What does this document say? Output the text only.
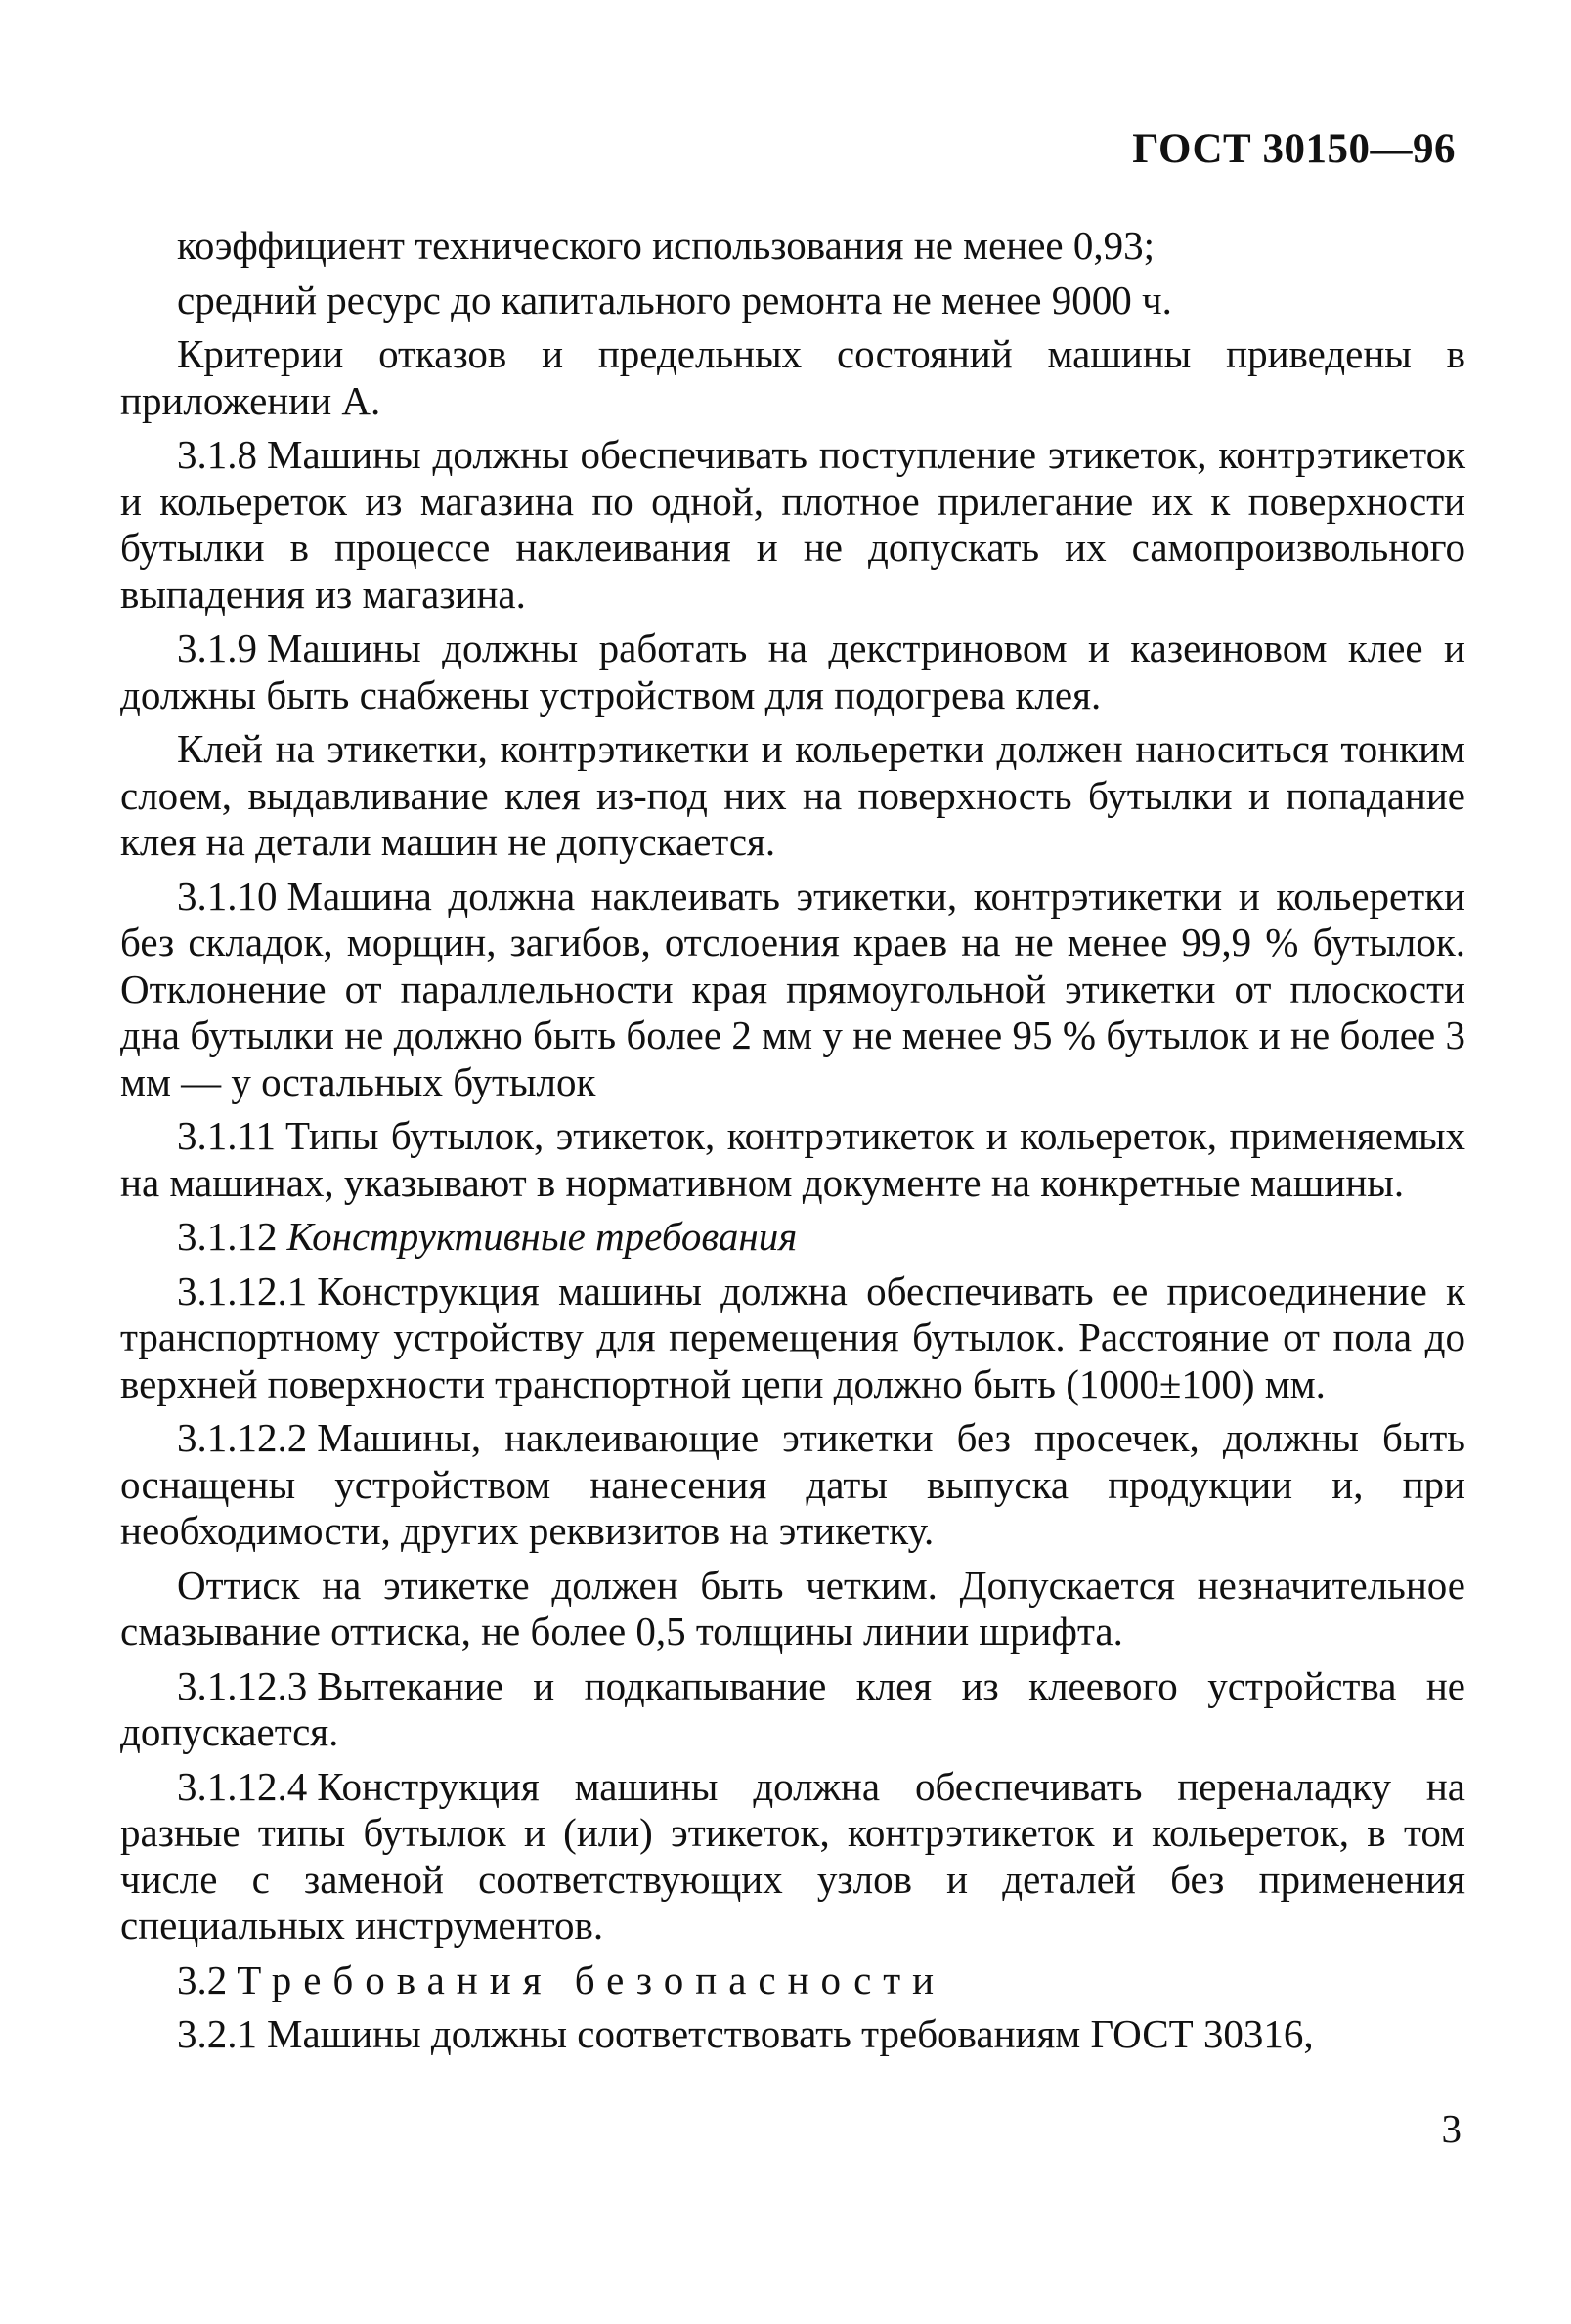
ГОСТ 30150—96

коэффициент технического использования не менее 0,93;

средний ресурс до капитального ремонта не менее 9000 ч.

Критерии отказов и предельных состояний машины приведены в приложении А.

3.1.8 Машины должны обеспечивать поступление этикеток, контрэтикеток и кольереток из магазина по одной, плотное прилегание их к поверхности бутылки в процессе наклеивания и не допускать их самопроизвольного выпадения из магазина.

3.1.9 Машины должны работать на декстриновом и казеиновом клее и должны быть снабжены устройством для подогрева клея.

Клей на этикетки, контрэтикетки и кольеретки должен наноситься тонким слоем, выдавливание клея из-под них на поверхность бутылки и попадание клея на детали машин не допускается.

3.1.10 Машина должна наклеивать этикетки, контрэтикетки и кольеретки без складок, морщин, загибов, отслоения краев на не менее 99,9 % бутылок. Отклонение от параллельности края прямоугольной этикетки от плоскости дна бутылки не должно быть более 2 мм у не менее 95 % бутылок и не более 3 мм — у остальных бутылок

3.1.11 Типы бутылок, этикеток, контрэтикеток и кольереток, применяемых на машинах, указывают в нормативном документе на конкретные машины.

3.1.12 Конструктивные требования

3.1.12.1 Конструкция машины должна обеспечивать ее присоединение к транспортному устройству для перемещения бутылок. Расстояние от пола до верхней поверхности транспортной цепи должно быть (1000±100) мм.

3.1.12.2 Машины, наклеивающие этикетки без просечек, должны быть оснащены устройством нанесения даты выпуска продукции и, при необходимости, других реквизитов на этикетку.

Оттиск на этикетке должен быть четким. Допускается незначительное смазывание оттиска, не более 0,5 толщины линии шрифта.

3.1.12.3 Вытекание и подкапывание клея из клеевого устройства не допускается.

3.1.12.4 Конструкция машины должна обеспечивать переналадку на разные типы бутылок и (или) этикеток, контрэтикеток и кольереток, в том числе с заменой соответствующих узлов и деталей без применения специальных инструментов.

3.2 Требования безопасности

3.2.1 Машины должны соответствовать требованиям ГОСТ 30316,

3
